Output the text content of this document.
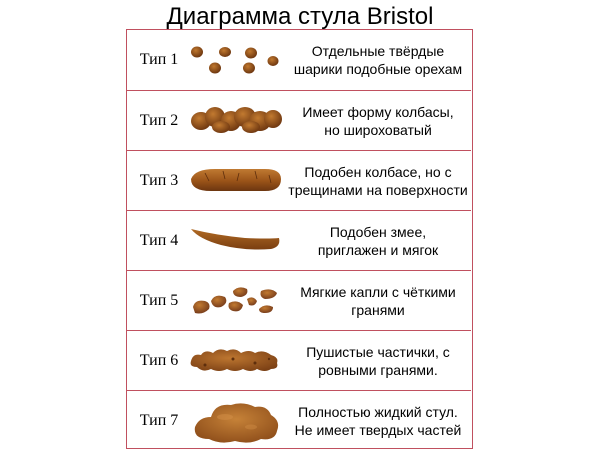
Диаграмма стула Bristol
Тип 1	Отдельные твёрдые
шарики подобные орехам
Тип 2	Имеет форму колбасы,
но широховатый
Тип 3	Подобен колбасе, но с
трещинами на поверхности
Тип 4	Подобен змее,
приглажен и мягок
Тип 5	Мягкие капли с чёткими
гранями
Тип 6	Пушистые частички, с
ровными гранями.
Тип 7	Полностью жидкий стул.
Не имеет твердых частей
